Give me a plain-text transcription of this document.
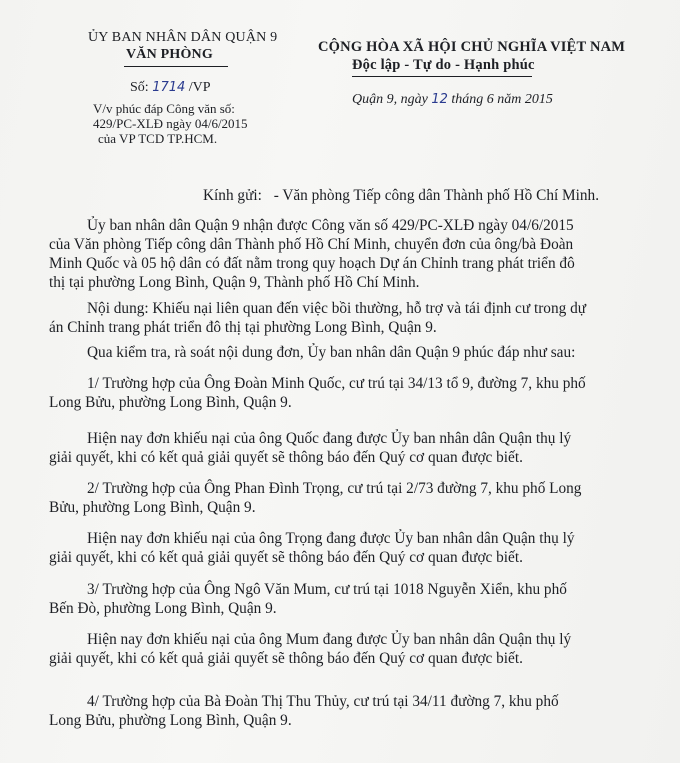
ỦY BAN NHÂN DÂN QUẬN 9
VĂN PHÒNG	CỘNG HÒA XÃ HỘI CHỦ NGHĨA VIỆT NAM
Độc lập - Tự do - Hạnh phúc
Số: 1714 /VP
Quận 9, ngày 12 tháng 6 năm 2015
V/v phúc đáp Công văn số:
429/PC-XLĐ ngày 04/6/2015
của VP TCD TP.HCM.
Kính gửi: - Văn phòng Tiếp công dân Thành phố Hồ Chí Minh.
Ủy ban nhân dân Quận 9 nhận được Công văn số 429/PC-XLĐ ngày 04/6/2015
của Văn phòng Tiếp công dân Thành phố Hồ Chí Minh, chuyển đơn của ông/bà Đoàn
Minh Quốc và 05 hộ dân có đất nằm trong quy hoạch Dự án Chỉnh trang phát triển đô
thị tại phường Long Bình, Quận 9, Thành phố Hồ Chí Minh.
Nội dung: Khiếu nại liên quan đến việc bồi thường, hỗ trợ và tái định cư trong dự
án Chỉnh trang phát triển đô thị tại phường Long Bình, Quận 9.
Qua kiểm tra, rà soát nội dung đơn, Ủy ban nhân dân Quận 9 phúc đáp như sau:
1/ Trường hợp của Ông Đoàn Minh Quốc, cư trú tại 34/13 tổ 9, đường 7, khu phố
Long Bửu, phường Long Bình, Quận 9.
Hiện nay đơn khiếu nại của ông Quốc đang được Ủy ban nhân dân Quận thụ lý
giải quyết, khi có kết quả giải quyết sẽ thông báo đến Quý cơ quan được biết.
2/ Trường hợp của Ông Phan Đình Trọng, cư trú tại 2/73 đường 7, khu phố Long
Bửu, phường Long Bình, Quận 9.
Hiện nay đơn khiếu nại của ông Trọng đang được Ủy ban nhân dân Quận thụ lý
giải quyết, khi có kết quả giải quyết sẽ thông báo đến Quý cơ quan được biết.
3/ Trường hợp của Ông Ngô Văn Mum, cư trú tại 1018 Nguyễn Xiển, khu phố
Bến Đò, phường Long Bình, Quận 9.
Hiện nay đơn khiếu nại của ông Mum đang được Ủy ban nhân dân Quận thụ lý
giải quyết, khi có kết quả giải quyết sẽ thông báo đến Quý cơ quan được biết.
4/ Trường hợp của Bà Đoàn Thị Thu Thủy, cư trú tại 34/11 đường 7, khu phố
Long Bửu, phường Long Bình, Quận 9.
